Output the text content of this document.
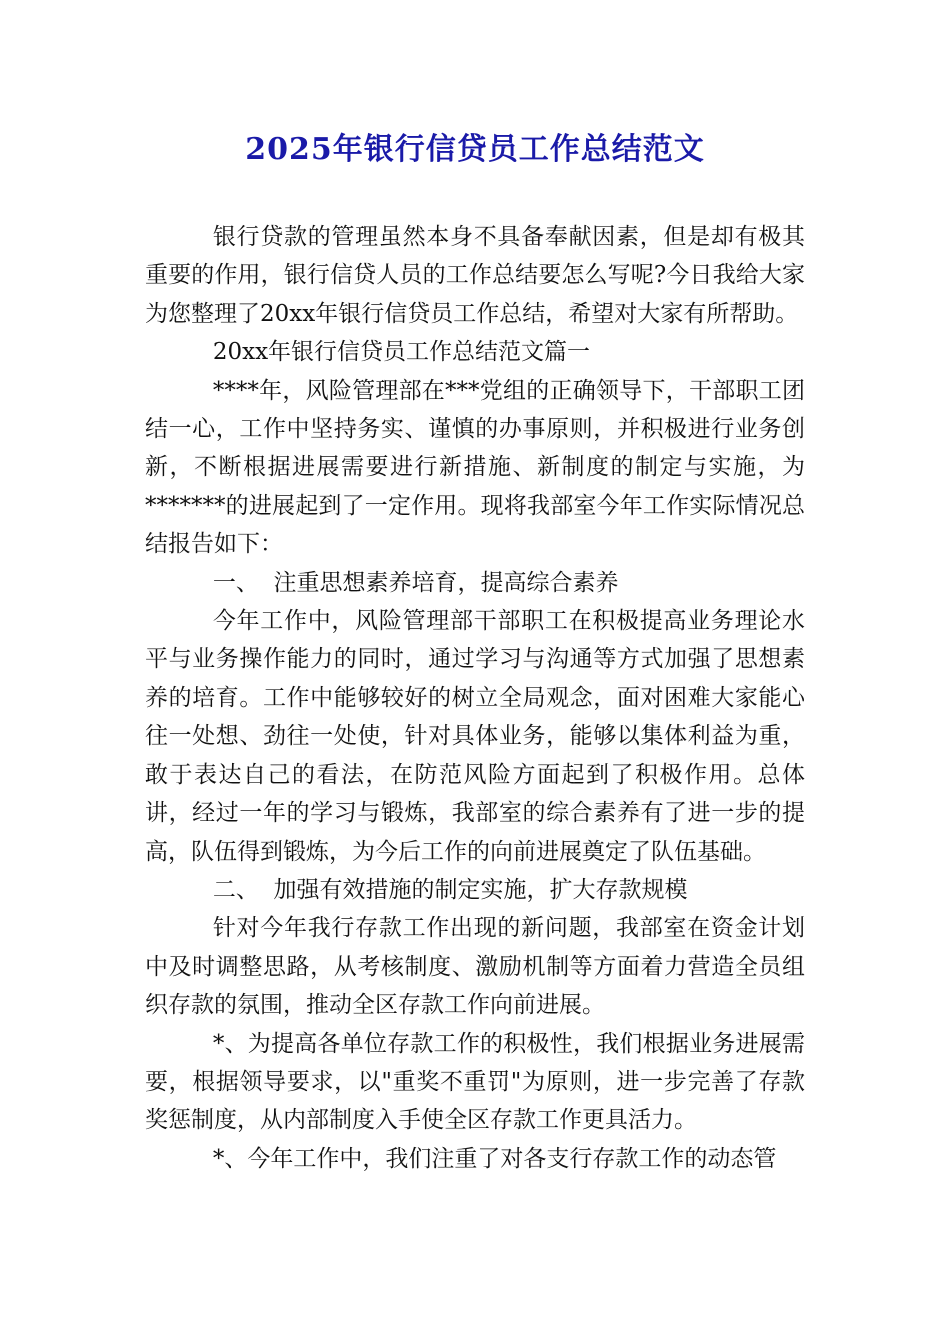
2025年银行信贷员工作总结范文

银行贷款的管理虽然本身不具备奉献因素，但是却有极其重要的作用，银行信贷人员的工作总结要怎么写呢?今日我给大家为您整理了20xx年银行信贷员工作总结，希望对大家有所帮助。

20xx年银行信贷员工作总结范文篇一

****年，风险管理部在***党组的正确领导下，干部职工团结一心，工作中坚持务实、谨慎的办事原则，并积极进行业务创新，不断根据进展需要进行新措施、新制度的制定与实施，为*******的进展起到了一定作用。现将我部室今年工作实际情况总结报告如下：

一、  注重思想素养培育，提高综合素养

今年工作中，风险管理部干部职工在积极提高业务理论水平与业务操作能力的同时，通过学习与沟通等方式加强了思想素养的培育。工作中能够较好的树立全局观念，面对困难大家能心往一处想、劲往一处使，针对具体业务，能够以集体利益为重，敢于表达自己的看法，在防范风险方面起到了积极作用。总体讲，经过一年的学习与锻炼，我部室的综合素养有了进一步的提高，队伍得到锻炼，为今后工作的向前进展奠定了队伍基础。

二、  加强有效措施的制定实施，扩大存款规模

针对今年我行存款工作出现的新问题，我部室在资金计划中及时调整思路，从考核制度、激励机制等方面着力营造全员组织存款的氛围，推动全区存款工作向前进展。

*、为提高各单位存款工作的积极性，我们根据业务进展需要，根据领导要求，以"重奖不重罚"为原则，进一步完善了存款奖惩制度，从内部制度入手使全区存款工作更具活力。

*、今年工作中，我们注重了对各支行存款工作的动态管
